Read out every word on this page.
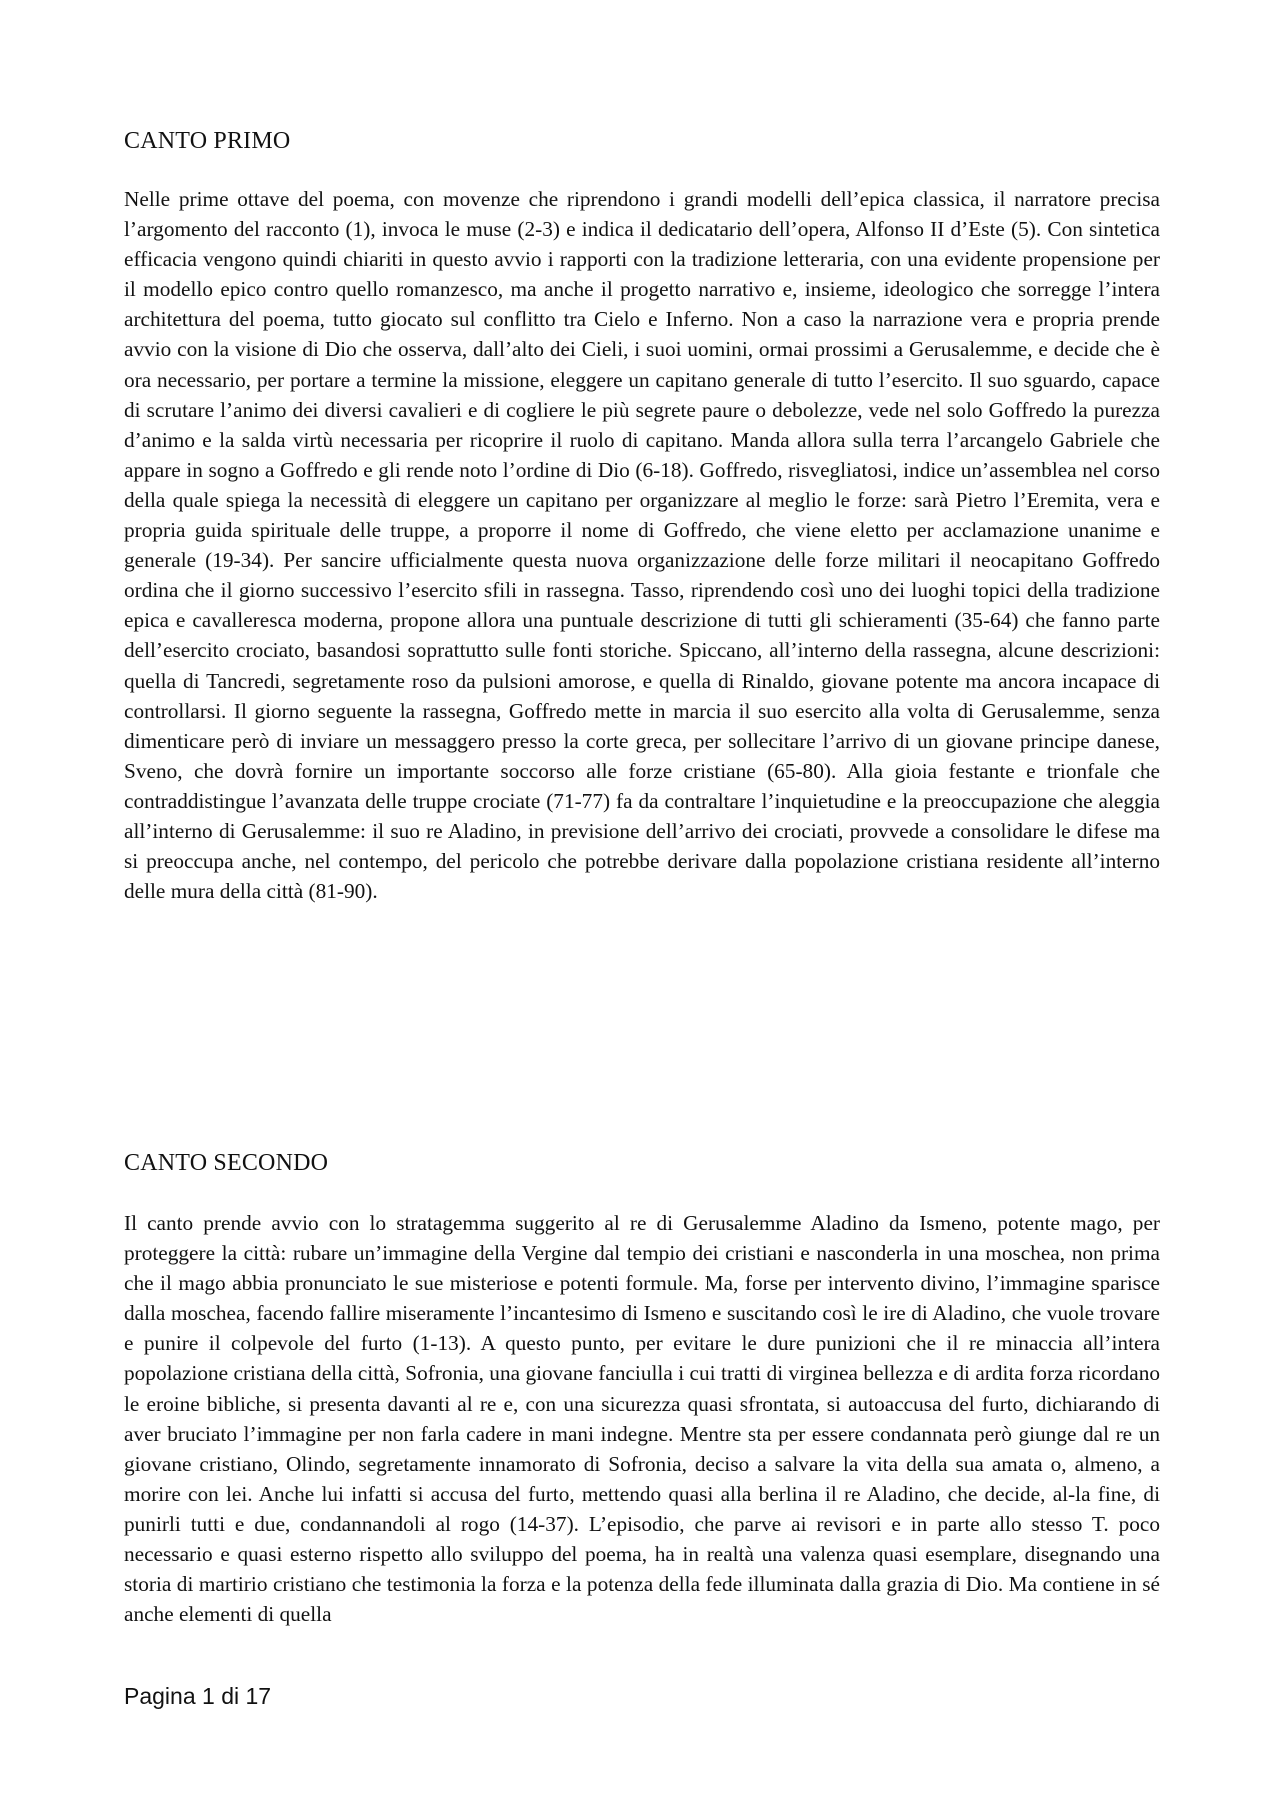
CANTO PRIMO

Nelle prime ottave del poema, con movenze che riprendono i grandi modelli dell’epica classica, il narratore precisa l’argomento del racconto (1), invoca le muse (2-3) e indica il dedicatario dell’opera, Alfonso II d’Este (5). Con sintetica efficacia vengono quindi chiariti in questo avvio i rapporti con la tradizione letteraria, con una evidente propensione per il modello epico contro quello romanzesco, ma anche il progetto narrativo e, insieme, ideologico che sorregge l’intera architettura del poema, tutto giocato sul conflitto tra Cielo e Inferno. Non a caso la narrazione vera e propria prende avvio con la visione di Dio che osserva, dall’alto dei Cieli, i suoi uomini, ormai prossimi a Gerusalemme, e decide che è ora necessario, per portare a termine la missione, eleggere un capitano generale di tutto l’esercito. Il suo sguardo, capace di scrutare l’animo dei diversi cavalieri e di cogliere le più segrete paure o debolezze, vede nel solo Goffredo la purezza d’animo e la salda virtù necessaria per ricoprire il ruolo di capitano. Manda allora sulla terra l’arcangelo Gabriele che appare in sogno a Goffredo e gli rende noto l’ordine di Dio (6-18). Goffredo, risvegliatosi, indice un’assemblea nel corso della quale spiega la necessità di eleggere un capitano per organizzare al meglio le forze: sarà Pietro l’Eremita, vera e propria guida spirituale delle truppe, a proporre il nome di Goffredo, che viene eletto per acclamazione unanime e generale (19-34). Per sancire ufficialmente questa nuova organizzazione delle forze militari il neocapitano Goffredo ordina che il giorno successivo l’esercito sfili in rassegna. Tasso, riprendendo così uno dei luoghi topici della tradizione epica e cavalleresca moderna, propone allora una puntuale descrizione di tutti gli schieramenti (35-64) che fanno parte dell’esercito crociato, basandosi soprattutto sulle fonti storiche. Spiccano, all’interno della rassegna, alcune descrizioni: quella di Tancredi, segretamente roso da pulsioni amorose, e quella di Rinaldo, giovane potente ma ancora incapace di controllarsi. Il giorno seguente la rassegna, Goffredo mette in marcia il suo esercito alla volta di Gerusalemme, senza dimenticare però di inviare un messaggero presso la corte greca, per sollecitare l’arrivo di un giovane principe danese, Sveno, che dovrà fornire un importante soccorso alle forze cristiane (65-80). Alla gioia festante e trionfale che contraddistingue l’avanzata delle truppe crociate (71-77) fa da contraltare l’inquietudine e la preoccupazione che aleggia all’interno di Gerusalemme: il suo re Aladino, in previsione dell’arrivo dei crociati, provvede a consolidare le difese ma si preoccupa anche, nel contempo, del pericolo che potrebbe derivare dalla popolazione cristiana residente all’interno delle mura della città (81-90).

CANTO SECONDO

Il canto prende avvio con lo stratagemma suggerito al re di Gerusalemme Aladino da Ismeno, potente mago, per proteggere la città: rubare un’immagine della Vergine dal tempio dei cristiani e nasconderla in una moschea, non prima che il mago abbia pronunciato le sue misteriose e potenti formule. Ma, forse per intervento divino, l’immagine sparisce dalla moschea, facendo fallire miseramente l’incantesimo di Ismeno e suscitando così le ire di Aladino, che vuole trovare e punire il colpevole del furto (1-13). A questo punto, per evitare le dure punizioni che il re minaccia all’intera popolazione cristiana della città, Sofronia, una giovane fanciulla i cui tratti di virginea bellezza e di ardita forza ricordano le eroine bibliche, si presenta davanti al re e, con una sicurezza quasi sfrontata, si autoaccusa del furto, dichiarando di aver bruciato l’immagine per non farla cadere in mani indegne. Mentre sta per essere condannata però giunge dal re un giovane cristiano, Olindo, segretamente innamorato di Sofronia, deciso a salvare la vita della sua amata o, almeno, a morire con lei. Anche lui infatti si accusa del furto, mettendo quasi alla berlina il re Aladino, che decide, al-la fine, di punirli tutti e due, condannandoli al rogo (14-37). L’episodio, che parve ai revisori e in parte allo stesso T. poco necessario e quasi esterno rispetto allo sviluppo del poema, ha in realtà una valenza quasi esemplare, disegnando una storia di martirio cristiano che testimonia la forza e la potenza della fede illuminata dalla grazia di Dio. Ma contiene in sé anche elementi di quella

Pagina 1 di 17
